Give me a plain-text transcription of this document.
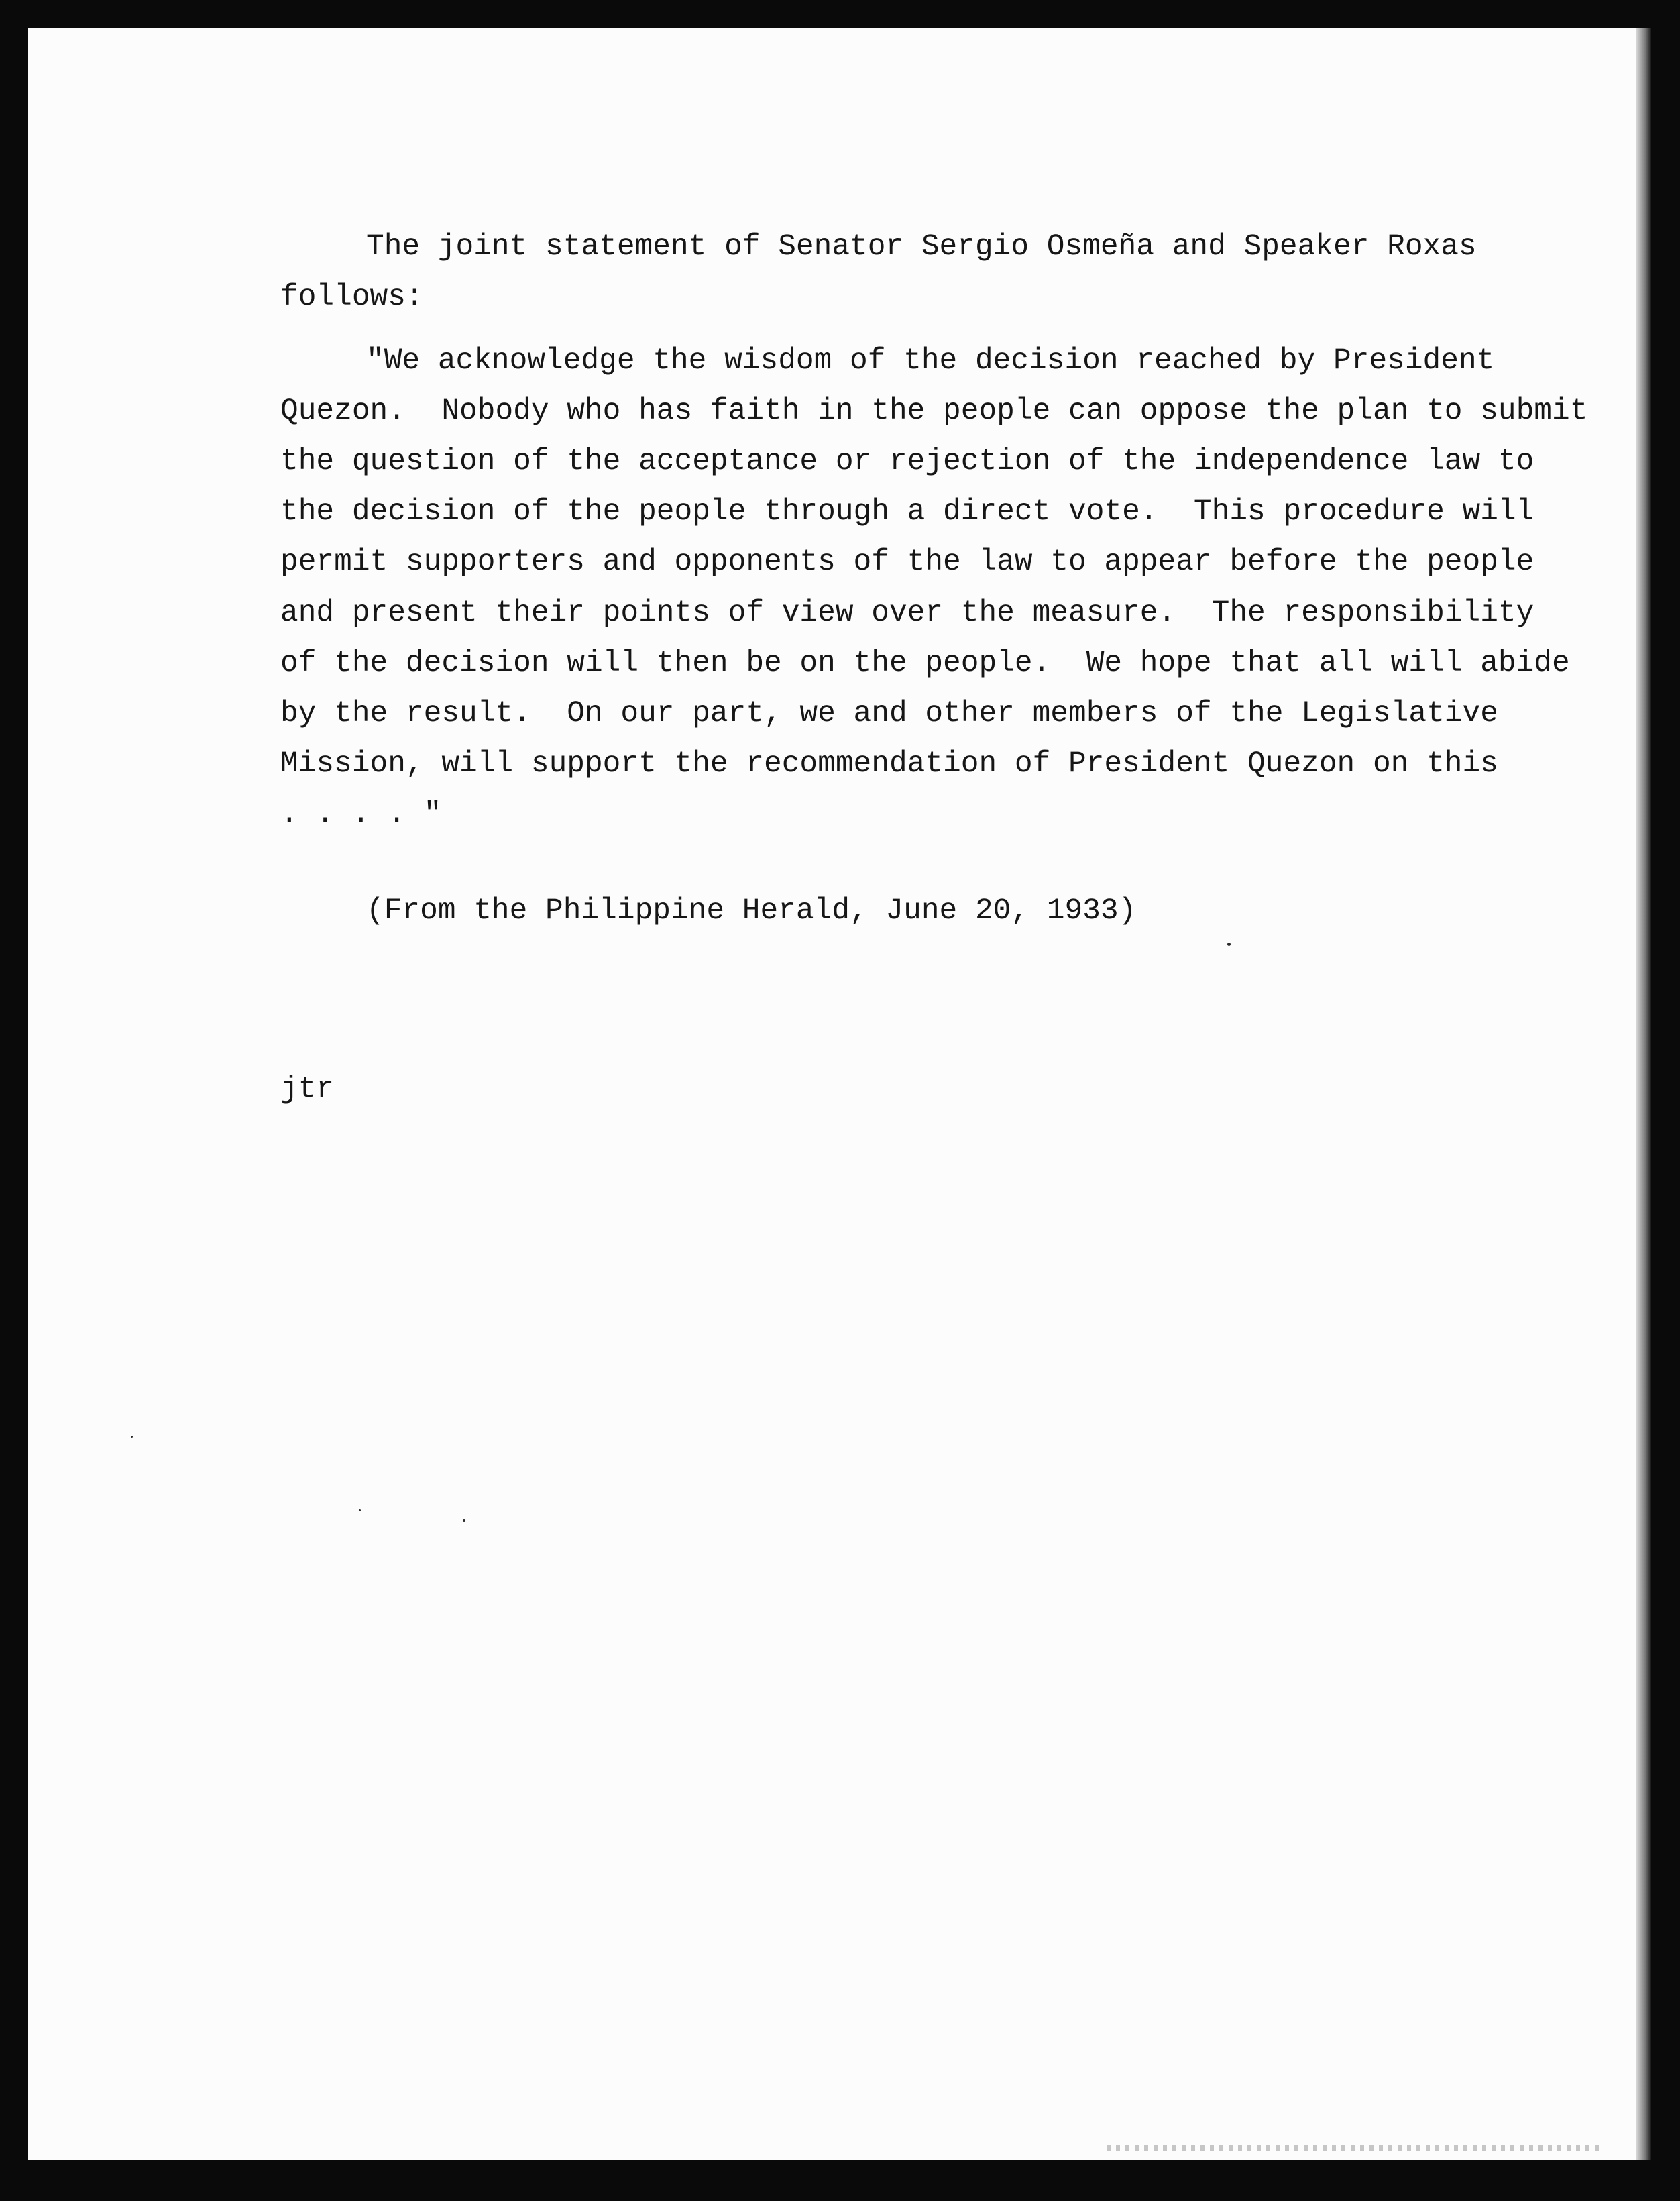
The joint statement of Senator Sergio Osmeña and Speaker Roxas
follows:
"We acknowledge the wisdom of the decision reached by President
Quezon.  Nobody who has faith in the people can oppose the plan to submit
the question of the acceptance or rejection of the independence law to
the decision of the people through a direct vote.  This procedure will
permit supporters and opponents of the law to appear before the people
and present their points of view over the measure.  The responsibility
of the decision will then be on the people.  We hope that all will abide
by the result.  On our part, we and other members of the Legislative
Mission, will support the recommendation of President Quezon on this
. . . . "
(From the Philippine Herald, June 20, 1933)
jtr
